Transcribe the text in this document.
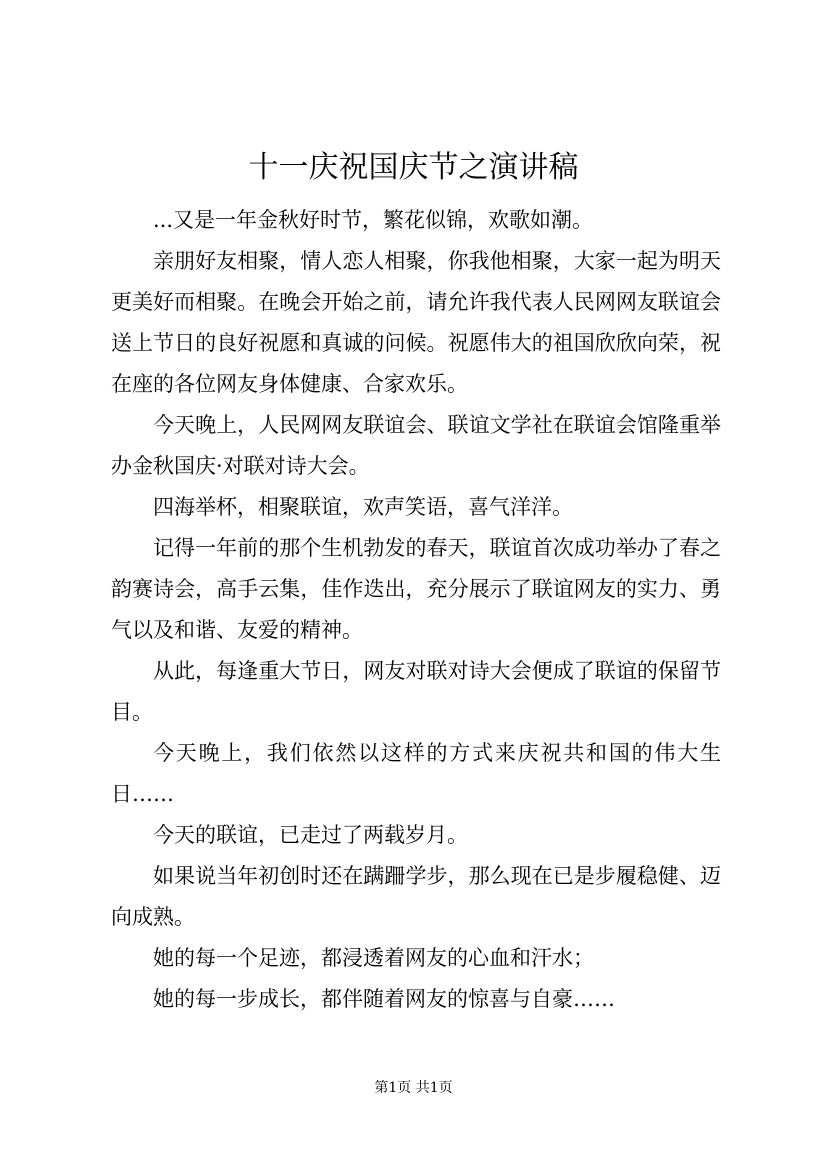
十一庆祝国庆节之演讲稿

...又是一年金秋好时节，繁花似锦，欢歌如潮。

亲朋好友相聚，情人恋人相聚，你我他相聚，大家一起为明天更美好而相聚。在晚会开始之前，请允许我代表人民网网友联谊会送上节日的良好祝愿和真诚的问候。祝愿伟大的祖国欣欣向荣，祝在座的各位网友身体健康、合家欢乐。

今天晚上，人民网网友联谊会、联谊文学社在联谊会馆隆重举办金秋国庆·对联对诗大会。

四海举杯，相聚联谊，欢声笑语，喜气洋洋。

记得一年前的那个生机勃发的春天，联谊首次成功举办了春之韵赛诗会，高手云集，佳作迭出，充分展示了联谊网友的实力、勇气以及和谐、友爱的精神。

从此，每逢重大节日，网友对联对诗大会便成了联谊的保留节目。

今天晚上，我们依然以这样的方式来庆祝共和国的伟大生日……

今天的联谊，已走过了两载岁月。

如果说当年初创时还在蹒跚学步，那么现在已是步履稳健、迈向成熟。

她的每一个足迹，都浸透着网友的心血和汗水；

她的每一步成长，都伴随着网友的惊喜与自豪……

第1页 共1页
